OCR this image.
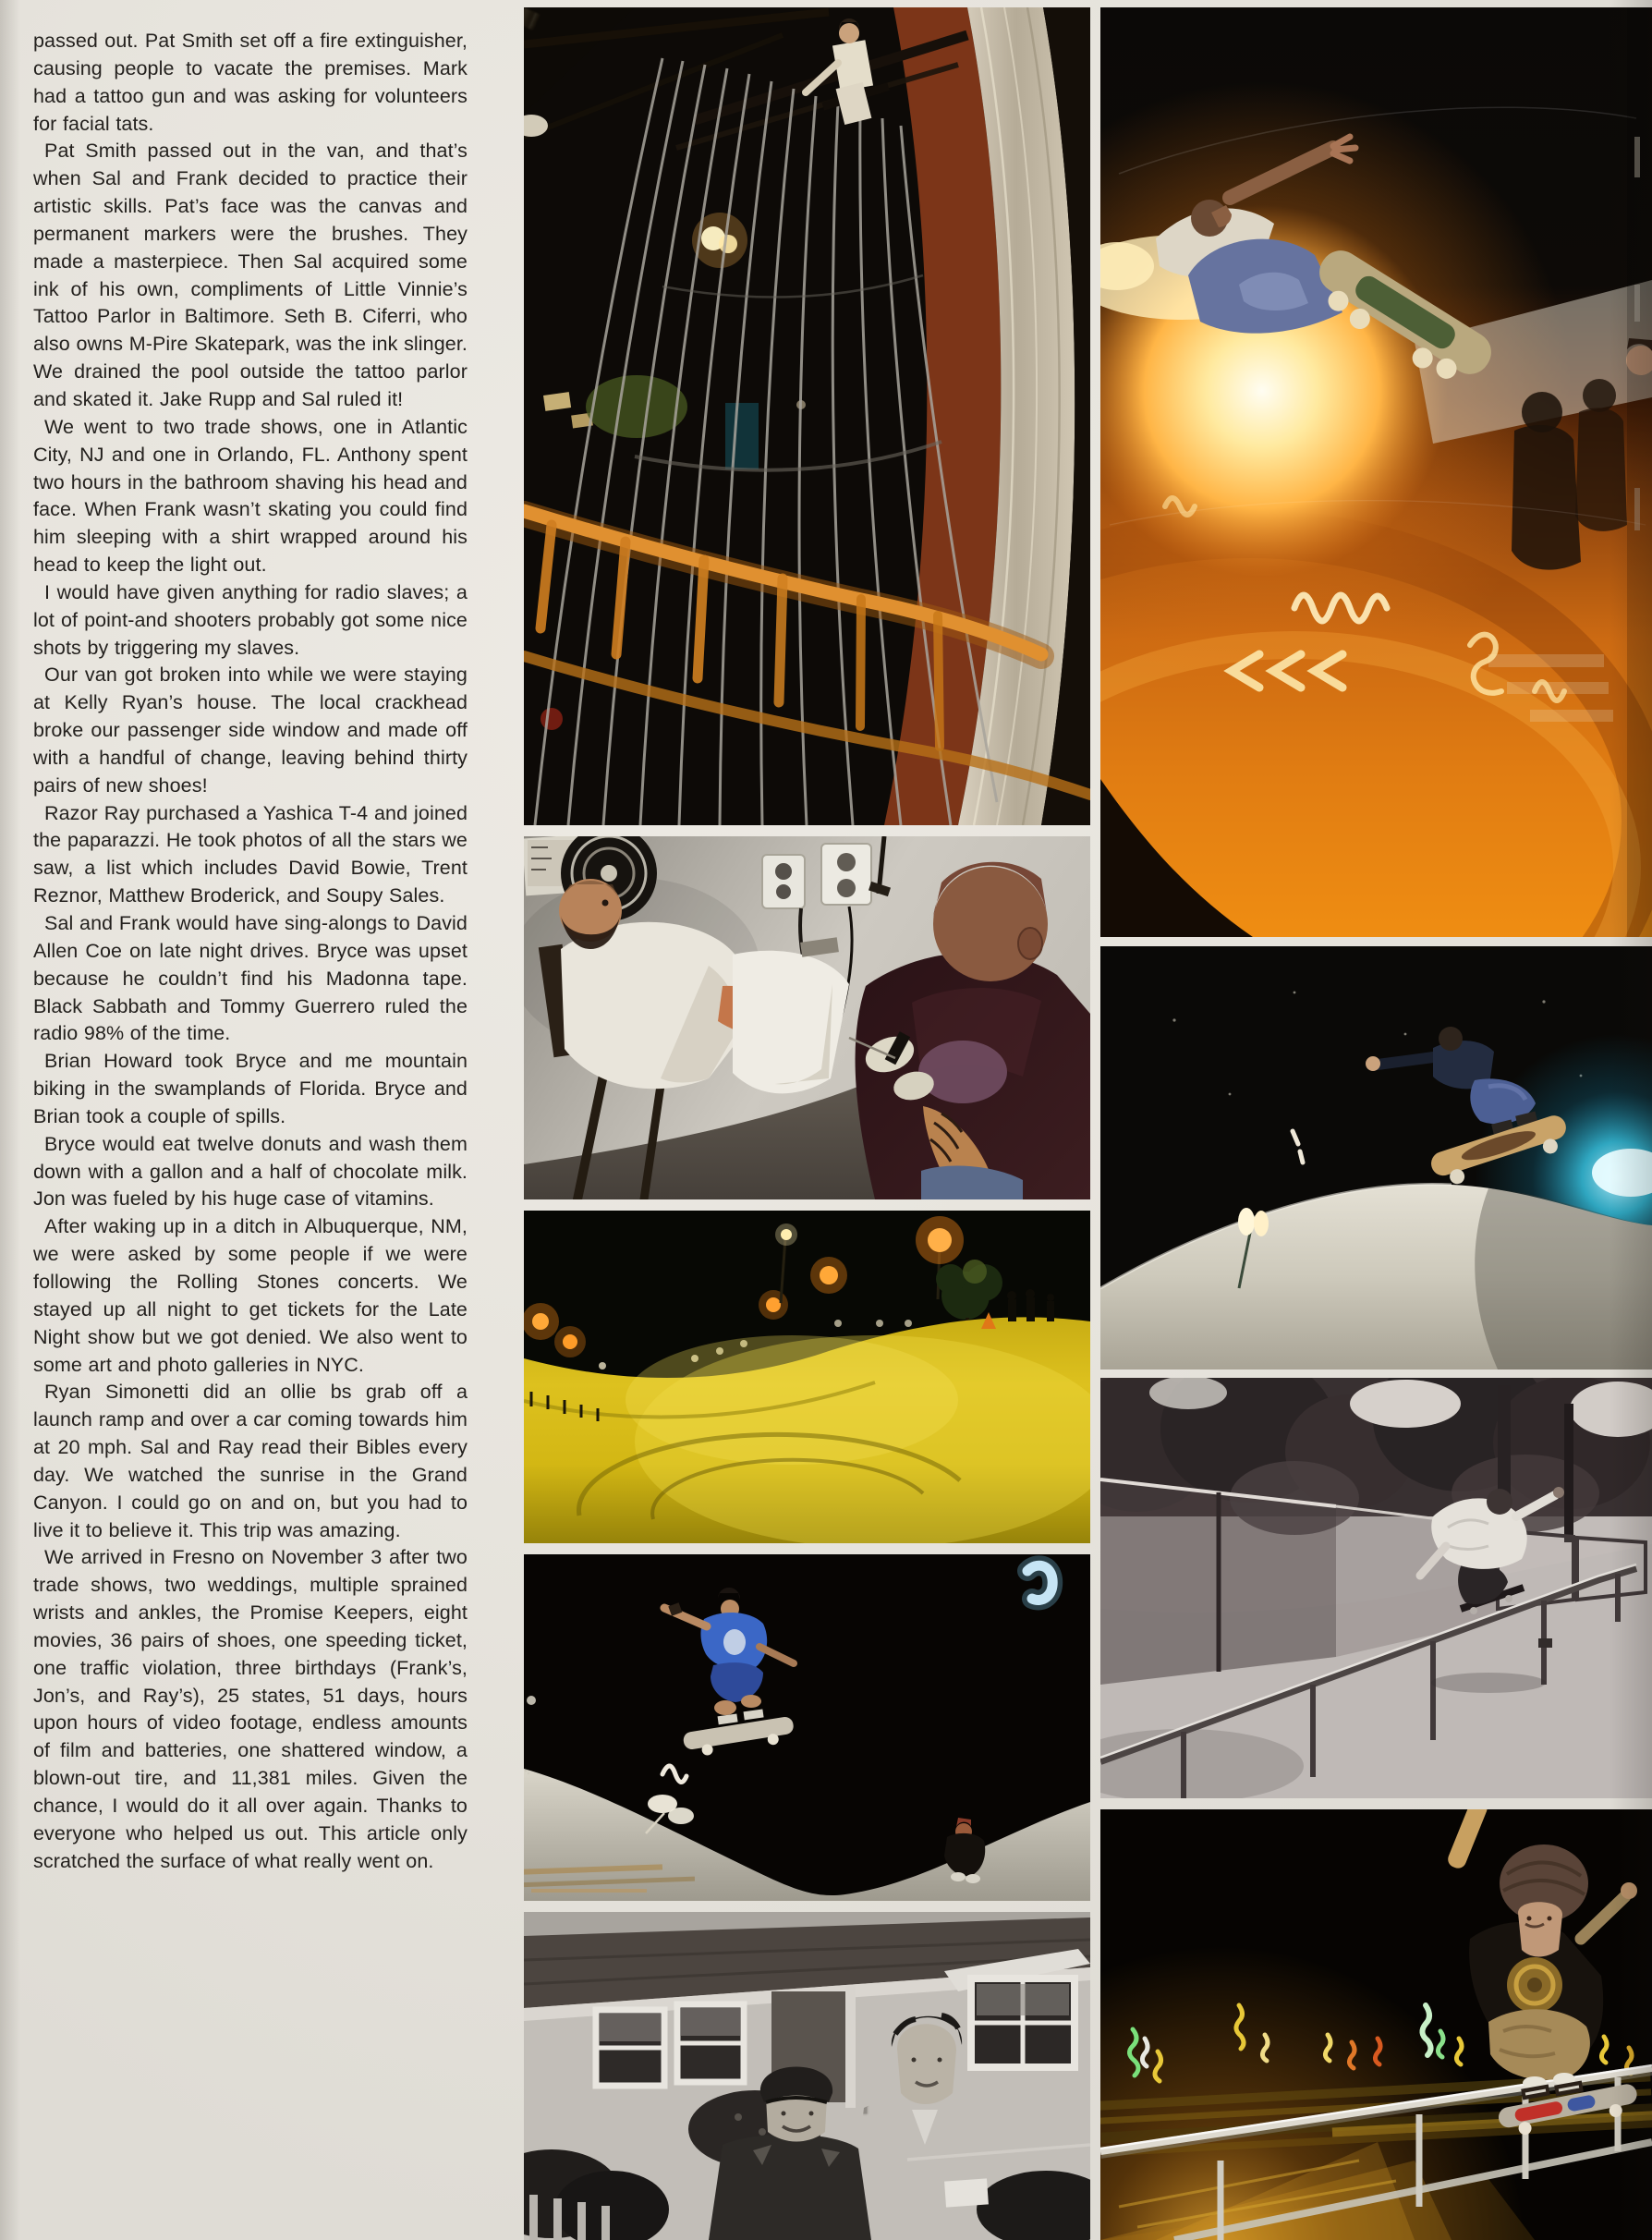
passed out. Pat Smith set off a fire extinguisher, causing people to vacate the premises. Mark had a tattoo gun and was asking for volunteers for facial tats.

Pat Smith passed out in the van, and that’s when Sal and Frank decided to practice their artistic skills. Pat’s face was the canvas and permanent markers were the brushes. They made a masterpiece. Then Sal acquired some ink of his own, compliments of Little Vinnie’s Tattoo Parlor in Baltimore. Seth B. Ciferri, who also owns M-Pire Skatepark, was the ink slinger. We drained the pool outside the tattoo parlor and skated it. Jake Rupp and Sal ruled it!

We went to two trade shows, one in Atlantic City, NJ and one in Orlando, FL. Anthony spent two hours in the bathroom shaving his head and face. When Frank wasn’t skating you could find him sleeping with a shirt wrapped around his head to keep the light out.

I would have given anything for radio slaves; a lot of point-and shooters probably got some nice shots by triggering my slaves.

Our van got broken into while we were staying at Kelly Ryan’s house. The local crackhead broke our passenger side window and made off with a handful of change, leaving behind thirty pairs of new shoes!

Razor Ray purchased a Yashica T-4 and joined the paparazzi. He took photos of all the stars we saw, a list which includes David Bowie, Trent Reznor, Matthew Broderick, and Soupy Sales.

Sal and Frank would have sing-alongs to David Allen Coe on late night drives. Bryce was upset because he couldn’t find his Madonna tape. Black Sabbath and Tommy Guerrero ruled the radio 98% of the time.

Brian Howard took Bryce and me mountain biking in the swamplands of Florida. Bryce and Brian took a couple of spills.

Bryce would eat twelve donuts and wash them down with a gallon and a half of chocolate milk. Jon was fueled by his huge case of vitamins.

After waking up in a ditch in Albuquerque, NM, we were asked by some people if we were following the Rolling Stones concerts. We stayed up all night to get tickets for the Late Night show but we got denied. We also went to some art and photo galleries in NYC.

Ryan Simonetti did an ollie bs grab off a launch ramp and over a car coming towards him at 20 mph. Sal and Ray read their Bibles every day. We watched the sunrise in the Grand Canyon. I could go on and on, but you had to live it to believe it. This trip was amazing.

We arrived in Fresno on November 3 after two trade shows, two weddings, multiple sprained wrists and ankles, the Promise Keepers, eight movies, 36 pairs of shoes, one speeding ticket, one traffic violation, three birthdays (Frank’s, Jon’s, and Ray’s), 25 states, 51 days, hours upon hours of video footage, endless amounts of film and batteries, one shattered window, a blown-out tire, and 11,381 miles. Given the chance, I would do it all over again. Thanks to everyone who helped us out. This article only scratched the surface of what really went on.
